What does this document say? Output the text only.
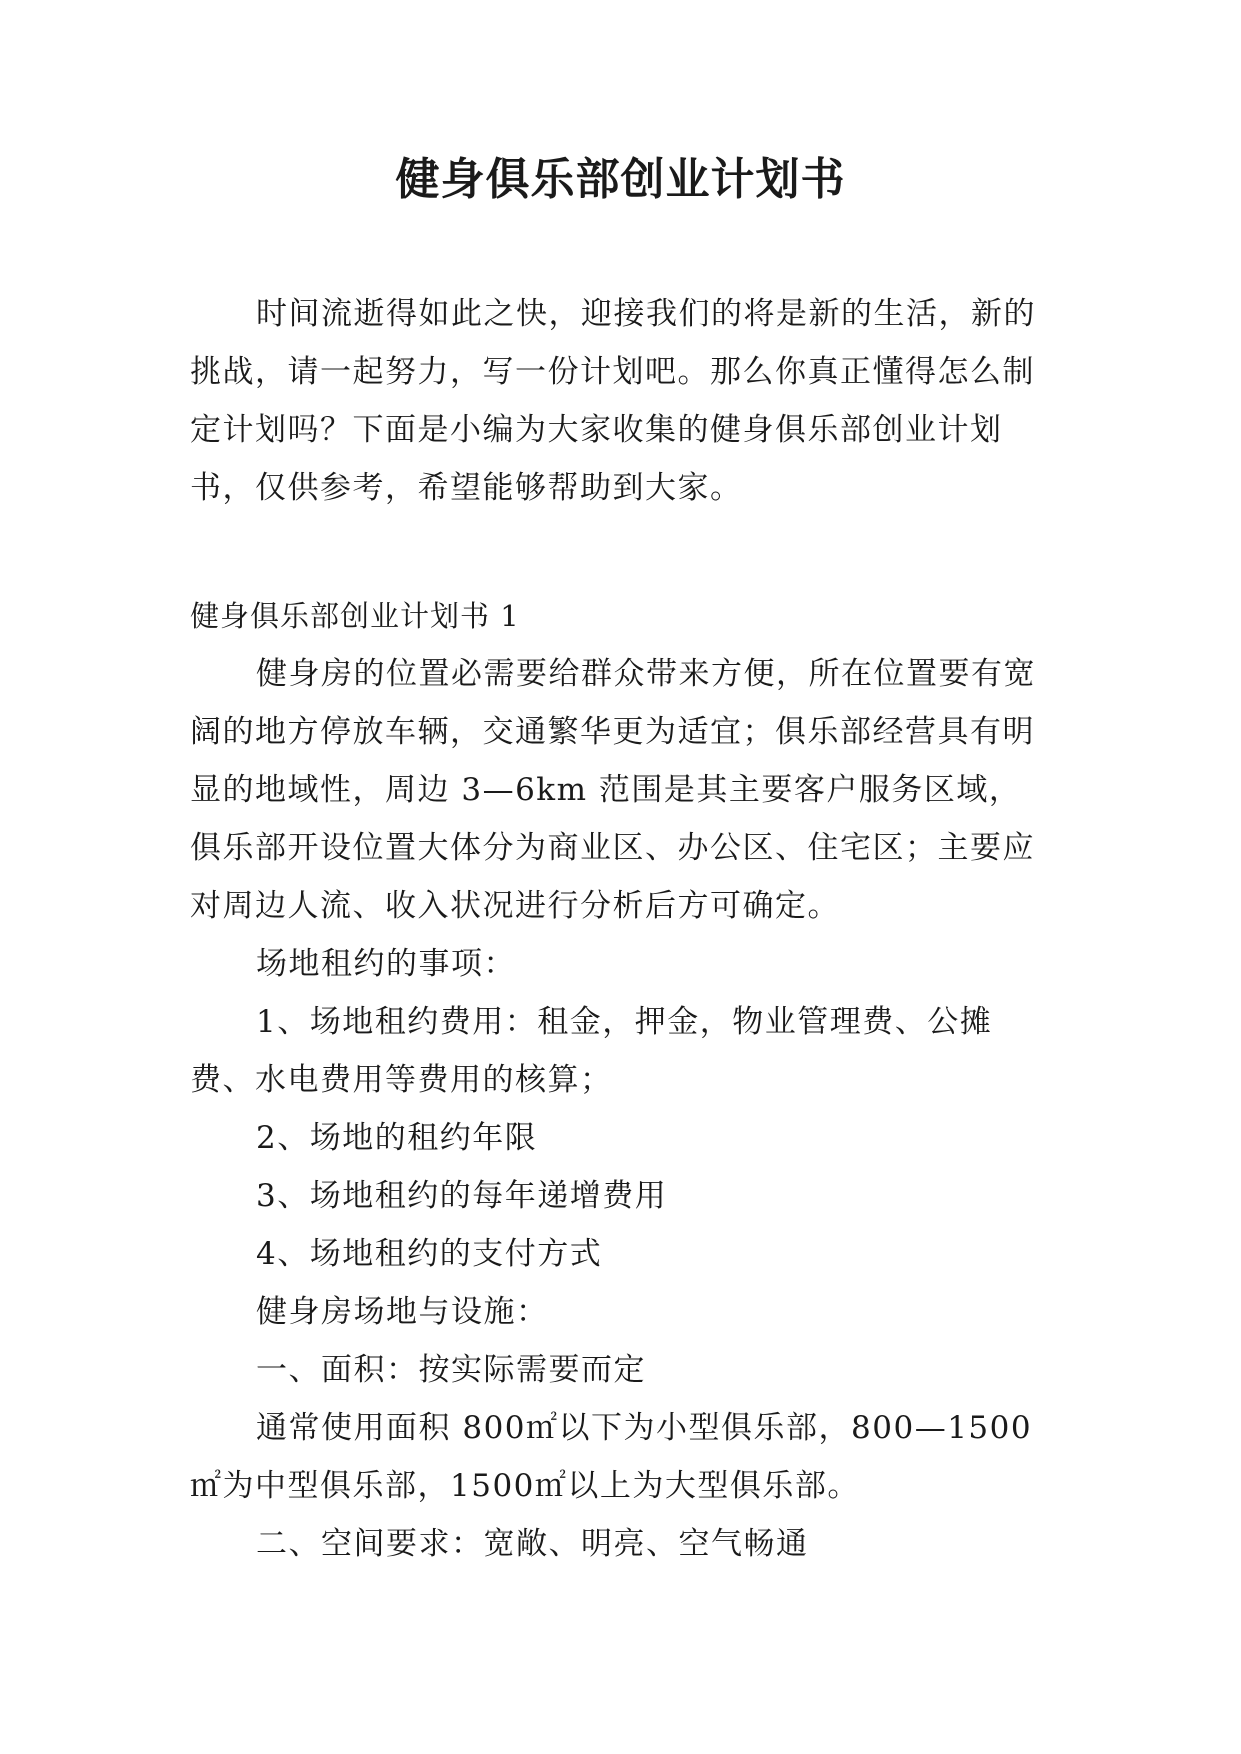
健身俱乐部创业计划书

时间流逝得如此之快，迎接我们的将是新的生活，新的挑战，请一起努力，写一份计划吧。那么你真正懂得怎么制定计划吗？下面是小编为大家收集的健身俱乐部创业计划书，仅供参考，希望能够帮助到大家。

健身俱乐部创业计划书 1

健身房的位置必需要给群众带来方便，所在位置要有宽阔的地方停放车辆，交通繁华更为适宜；俱乐部经营具有明显的地域性，周边 3—6km 范围是其主要客户服务区域，俱乐部开设位置大体分为商业区、办公区、住宅区；主要应对周边人流、收入状况进行分析后方可确定。

场地租约的事项：

1、场地租约费用：租金，押金，物业管理费、公摊费、水电费用等费用的核算；

2、场地的租约年限

3、场地租约的每年递增费用

4、场地租约的支付方式

健身房场地与设施：

一、面积：按实际需要而定

通常使用面积 800㎡以下为小型俱乐部，800—1500㎡为中型俱乐部，1500㎡以上为大型俱乐部。

二、空间要求：宽敞、明亮、空气畅通
